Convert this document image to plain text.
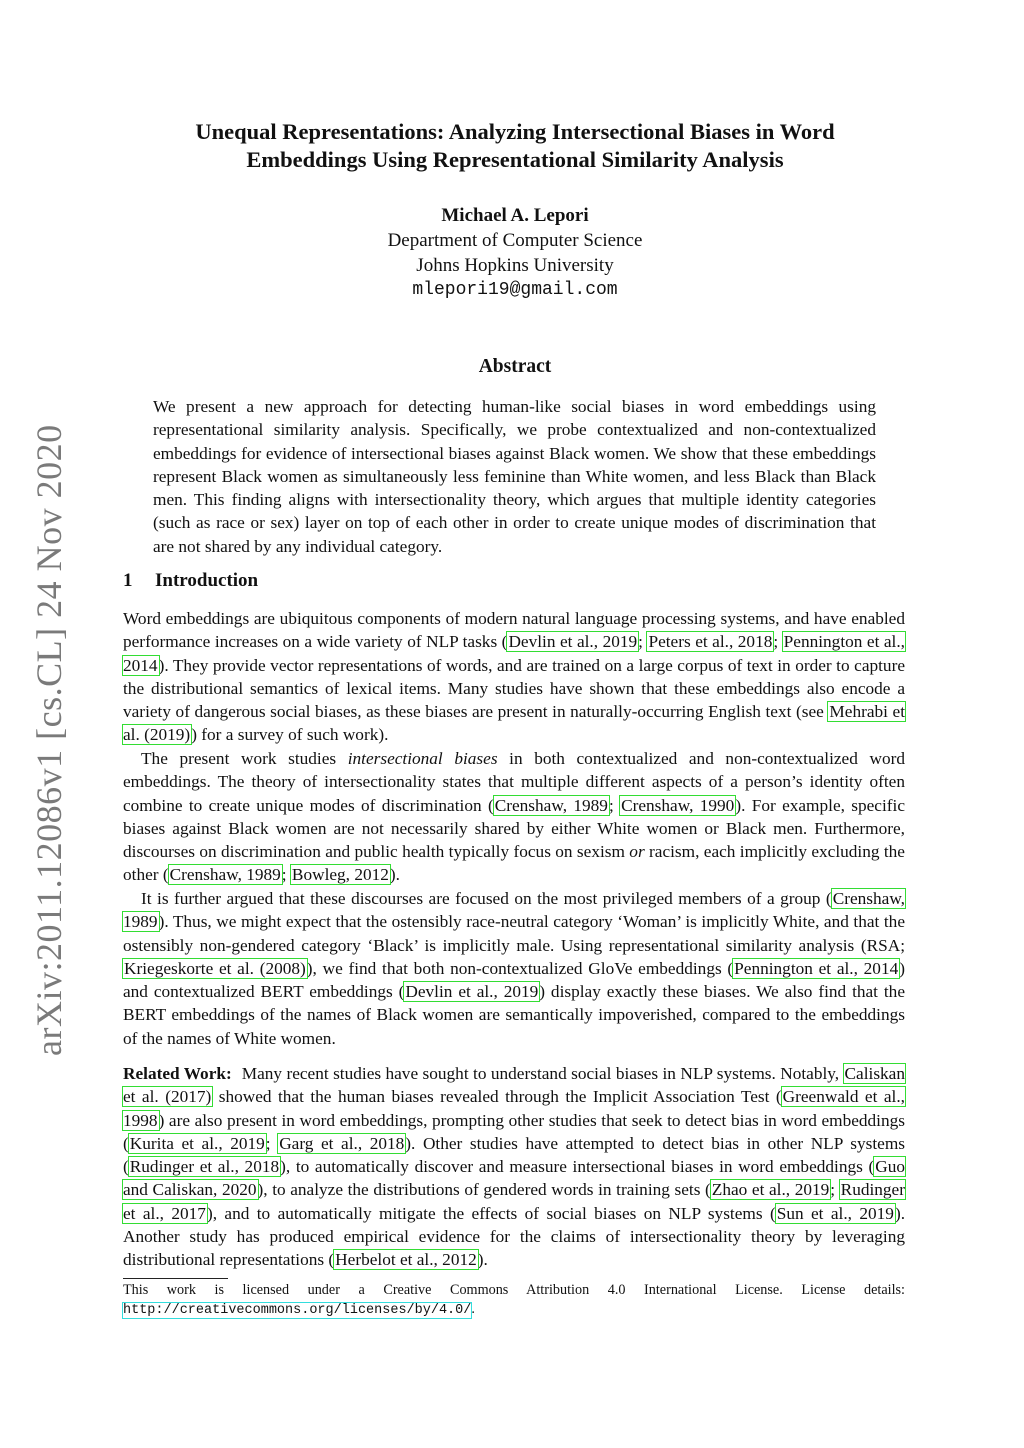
arXiv:2011.12086v1 [cs.CL] 24 Nov 2020
Unequal Representations: Analyzing Intersectional Biases in Word
Embeddings Using Representational Similarity Analysis
Michael A. Lepori
Department of Computer Science
Johns Hopkins University
mlepori19@gmail.com
Abstract
We present a new approach for detecting human-like social biases in word embeddings using representational similarity analysis. Specifically, we probe contextualized and non-contextualized embeddings for evidence of intersectional biases against Black women. We show that these embeddings represent Black women as simultaneously less feminine than White women, and less Black than Black men. This finding aligns with intersectionality theory, which argues that multiple identity categories (such as race or sex) layer on top of each other in order to create unique modes of discrimination that are not shared by any individual category.
1 Introduction

Word embeddings are ubiquitous components of modern natural language processing systems, and have enabled performance increases on a wide variety of NLP tasks (Devlin et al., 2019; Peters et al., 2018; Pennington et al., 2014). They provide vector representations of words, and are trained on a large corpus of text in order to capture the distributional semantics of lexical items. Many studies have shown that these embeddings also encode a variety of dangerous social biases, as these biases are present in naturally-occurring English text (see Mehrabi et al. (2019)) for a survey of such work).

The present work studies intersectional biases in both contextualized and non-contextualized word embeddings. The theory of intersectionality states that multiple different aspects of a person’s identity often combine to create unique modes of discrimination (Crenshaw, 1989; Crenshaw, 1990). For example, specific biases against Black women are not necessarily shared by either White women or Black men. Furthermore, discourses on discrimination and public health typically focus on sexism or racism, each implicitly excluding the other (Crenshaw, 1989; Bowleg, 2012).

It is further argued that these discourses are focused on the most privileged members of a group (Crenshaw, 1989). Thus, we might expect that the ostensibly race-neutral category ‘Woman’ is implicitly White, and that the ostensibly non-gendered category ‘Black’ is implicitly male. Using representational similarity analysis (RSA; Kriegeskorte et al. (2008)), we find that both non-contextualized GloVe embeddings (Pennington et al., 2014) and contextualized BERT embeddings (Devlin et al., 2019) display exactly these biases. We also find that the BERT embeddings of the names of Black women are semantically impoverished, compared to the embeddings of the names of White women.

Related Work: Many recent studies have sought to understand social biases in NLP systems. Notably, Caliskan et al. (2017) showed that the human biases revealed through the Implicit Association Test (Greenwald et al., 1998) are also present in word embeddings, prompting other studies that seek to detect bias in word embeddings (Kurita et al., 2019; Garg et al., 2018). Other studies have attempted to detect bias in other NLP systems (Rudinger et al., 2018), to automatically discover and measure intersectional biases in word embeddings (Guo and Caliskan, 2020), to analyze the distributions of gendered words in training sets (Zhao et al., 2019; Rudinger et al., 2017), and to automatically mitigate the effects of social biases on NLP systems (Sun et al., 2019). Another study has produced empirical evidence for the claims of intersectionality theory by leveraging distributional representations (Herbelot et al., 2012).

This work is licensed under a Creative Commons Attribution 4.0 International License. License details: http://creativecommons.org/licenses/by/4.0/.
